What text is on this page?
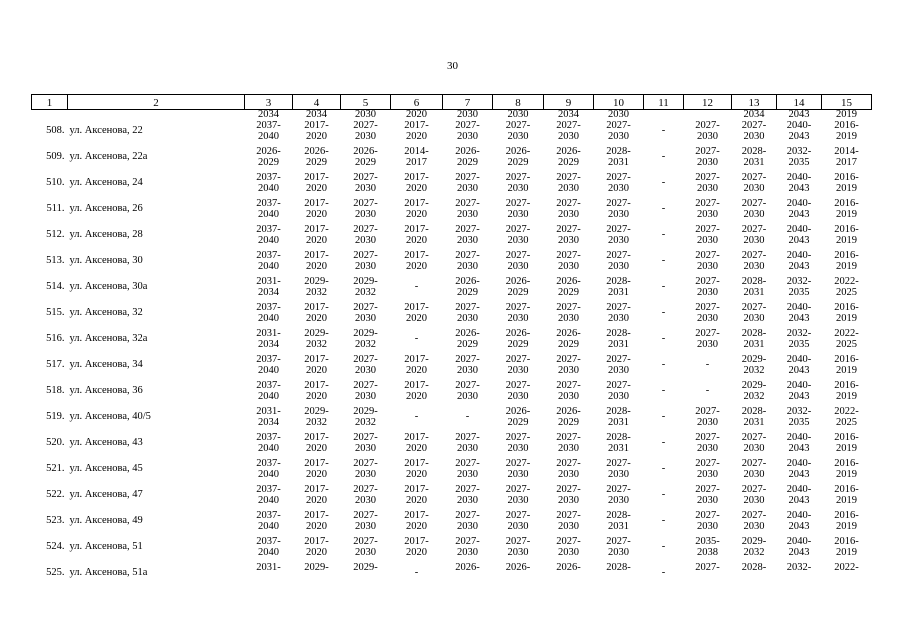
30
1	2	3	4	5	6	7	8	9	10	11	12	13	14	15
		2034	2034	2030	2020	2030	2030	2034	2030			2034	2043	2019
508.	ул. Аксенова, 22	2037-
2040	2017-
2020	2027-
2030	2017-
2020	2027-
2030	2027-
2030	2027-
2030	2027-
2030	-	2027-
2030	2027-
2030	2040-
2043	2016-
2019

509.	ул. Аксенова, 22а	2026-
2029	2026-
2029	2026-
2029	2014-
2017	2026-
2029	2026-
2029	2026-
2029	2028-
2031	-	2027-
2030	2028-
2031	2032-
2035	2014-
2017

510.	ул. Аксенова, 24	2037-
2040	2017-
2020	2027-
2030	2017-
2020	2027-
2030	2027-
2030	2027-
2030	2027-
2030	-	2027-
2030	2027-
2030	2040-
2043	2016-
2019

511.	ул. Аксенова, 26	2037-
2040	2017-
2020	2027-
2030	2017-
2020	2027-
2030	2027-
2030	2027-
2030	2027-
2030	-	2027-
2030	2027-
2030	2040-
2043	2016-
2019

512.	ул. Аксенова, 28	2037-
2040	2017-
2020	2027-
2030	2017-
2020	2027-
2030	2027-
2030	2027-
2030	2027-
2030	-	2027-
2030	2027-
2030	2040-
2043	2016-
2019

513.	ул. Аксенова, 30	2037-
2040	2017-
2020	2027-
2030	2017-
2020	2027-
2030	2027-
2030	2027-
2030	2027-
2030	-	2027-
2030	2027-
2030	2040-
2043	2016-
2019

514.	ул. Аксенова, 30а	2031-
2034	2029-
2032	2029-
2032	-	2026-
2029	2026-
2029	2026-
2029	2028-
2031	-	2027-
2030	2028-
2031	2032-
2035	2022-
2025

515.	ул. Аксенова, 32	2037-
2040	2017-
2020	2027-
2030	2017-
2020	2027-
2030	2027-
2030	2027-
2030	2027-
2030	-	2027-
2030	2027-
2030	2040-
2043	2016-
2019

516.	ул. Аксенова, 32а	2031-
2034	2029-
2032	2029-
2032	-	2026-
2029	2026-
2029	2026-
2029	2028-
2031	-	2027-
2030	2028-
2031	2032-
2035	2022-
2025

517.	ул. Аксенова, 34	2037-
2040	2017-
2020	2027-
2030	2017-
2020	2027-
2030	2027-
2030	2027-
2030	2027-
2030	-	-	2029-
2032	2040-
2043	2016-
2019

518.	ул. Аксенова, 36	2037-
2040	2017-
2020	2027-
2030	2017-
2020	2027-
2030	2027-
2030	2027-
2030	2027-
2030	-	-	2029-
2032	2040-
2043	2016-
2019

519.	ул. Аксенова, 40/5	2031-
2034	2029-
2032	2029-
2032	-	-	2026-
2029	2026-
2029	2028-
2031	-	2027-
2030	2028-
2031	2032-
2035	2022-
2025

520.	ул. Аксенова, 43	2037-
2040	2017-
2020	2027-
2030	2017-
2020	2027-
2030	2027-
2030	2027-
2030	2028-
2031	-	2027-
2030	2027-
2030	2040-
2043	2016-
2019

521.	ул. Аксенова, 45	2037-
2040	2017-
2020	2027-
2030	2017-
2020	2027-
2030	2027-
2030	2027-
2030	2027-
2030	-	2027-
2030	2027-
2030	2040-
2043	2016-
2019

522.	ул. Аксенова, 47	2037-
2040	2017-
2020	2027-
2030	2017-
2020	2027-
2030	2027-
2030	2027-
2030	2027-
2030	-	2027-
2030	2027-
2030	2040-
2043	2016-
2019

523.	ул. Аксенова, 49	2037-
2040	2017-
2020	2027-
2030	2017-
2020	2027-
2030	2027-
2030	2027-
2030	2028-
2031	-	2027-
2030	2027-
2030	2040-
2043	2016-
2019

524.	ул. Аксенова, 51	2037-
2040	2017-
2020	2027-
2030	2017-
2020	2027-
2030	2027-
2030	2027-
2030	2027-
2030	-	2035-
2038	2029-
2032	2040-
2043	2016-
2019

525.	ул. Аксенова, 51а	2031-	2029-	2029-	-	2026-	2026-	2026-	2028-	-	2027-	2028-	2032-	2022-
